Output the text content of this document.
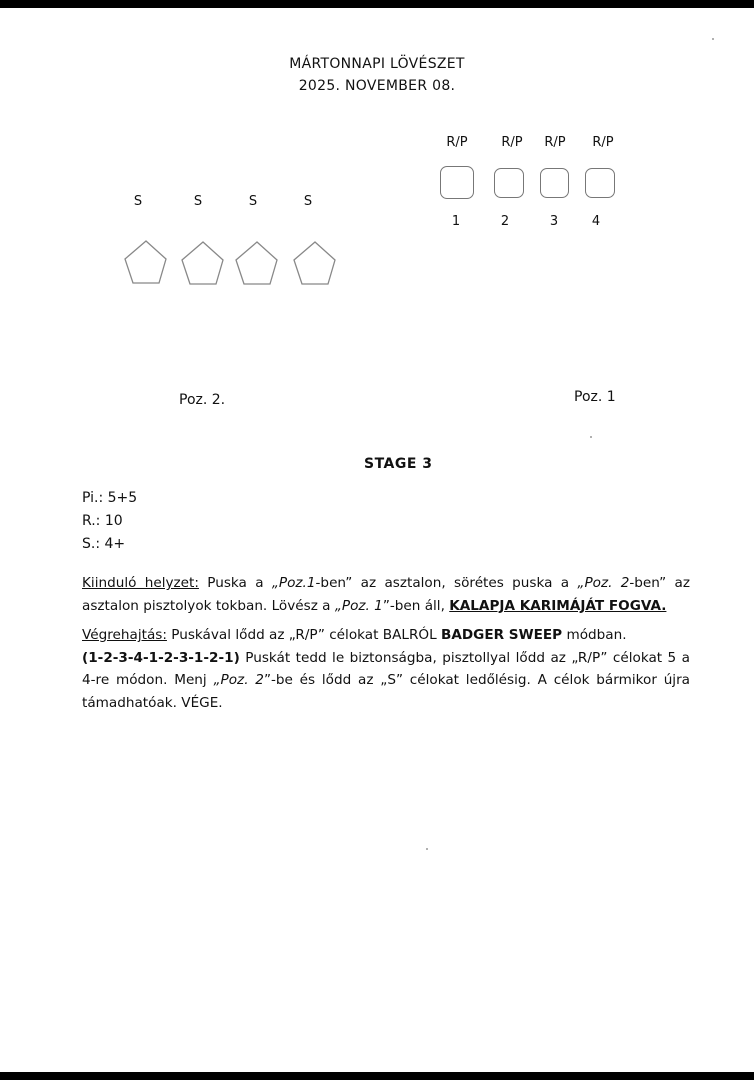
MÁRTONNAPI LÖVÉSZET
2025. NOVEMBER 08.
R/P	R/P	R/P	R/P
1	2	3	4
S	S	S	S
Poz. 2.	Poz. 1
STAGE 3
Pi.: 5+5
R.: 10
S.: 4+
Kiinduló helyzet: Puska a „Poz.1-ben” az asztalon, sörétes puska a „Poz. 2-ben” az asztalon pisztolyok tokban. Lövész a „Poz. 1”-ben áll, KALAPJA KARIMÁJÁT FOGVA.
Végrehajtás: Puskával lődd az „R/P” célokat BALRÓL BADGER SWEEP módban.
(1-2-3-4-1-2-3-1-2-1) Puskát tedd le biztonságba, pisztollyal lődd az „R/P” célokat 5 a 4-re módon. Menj „Poz. 2”-be és lődd az „S” célokat ledőlésig. A célok bármikor újra támadhatóak. VÉGE.
